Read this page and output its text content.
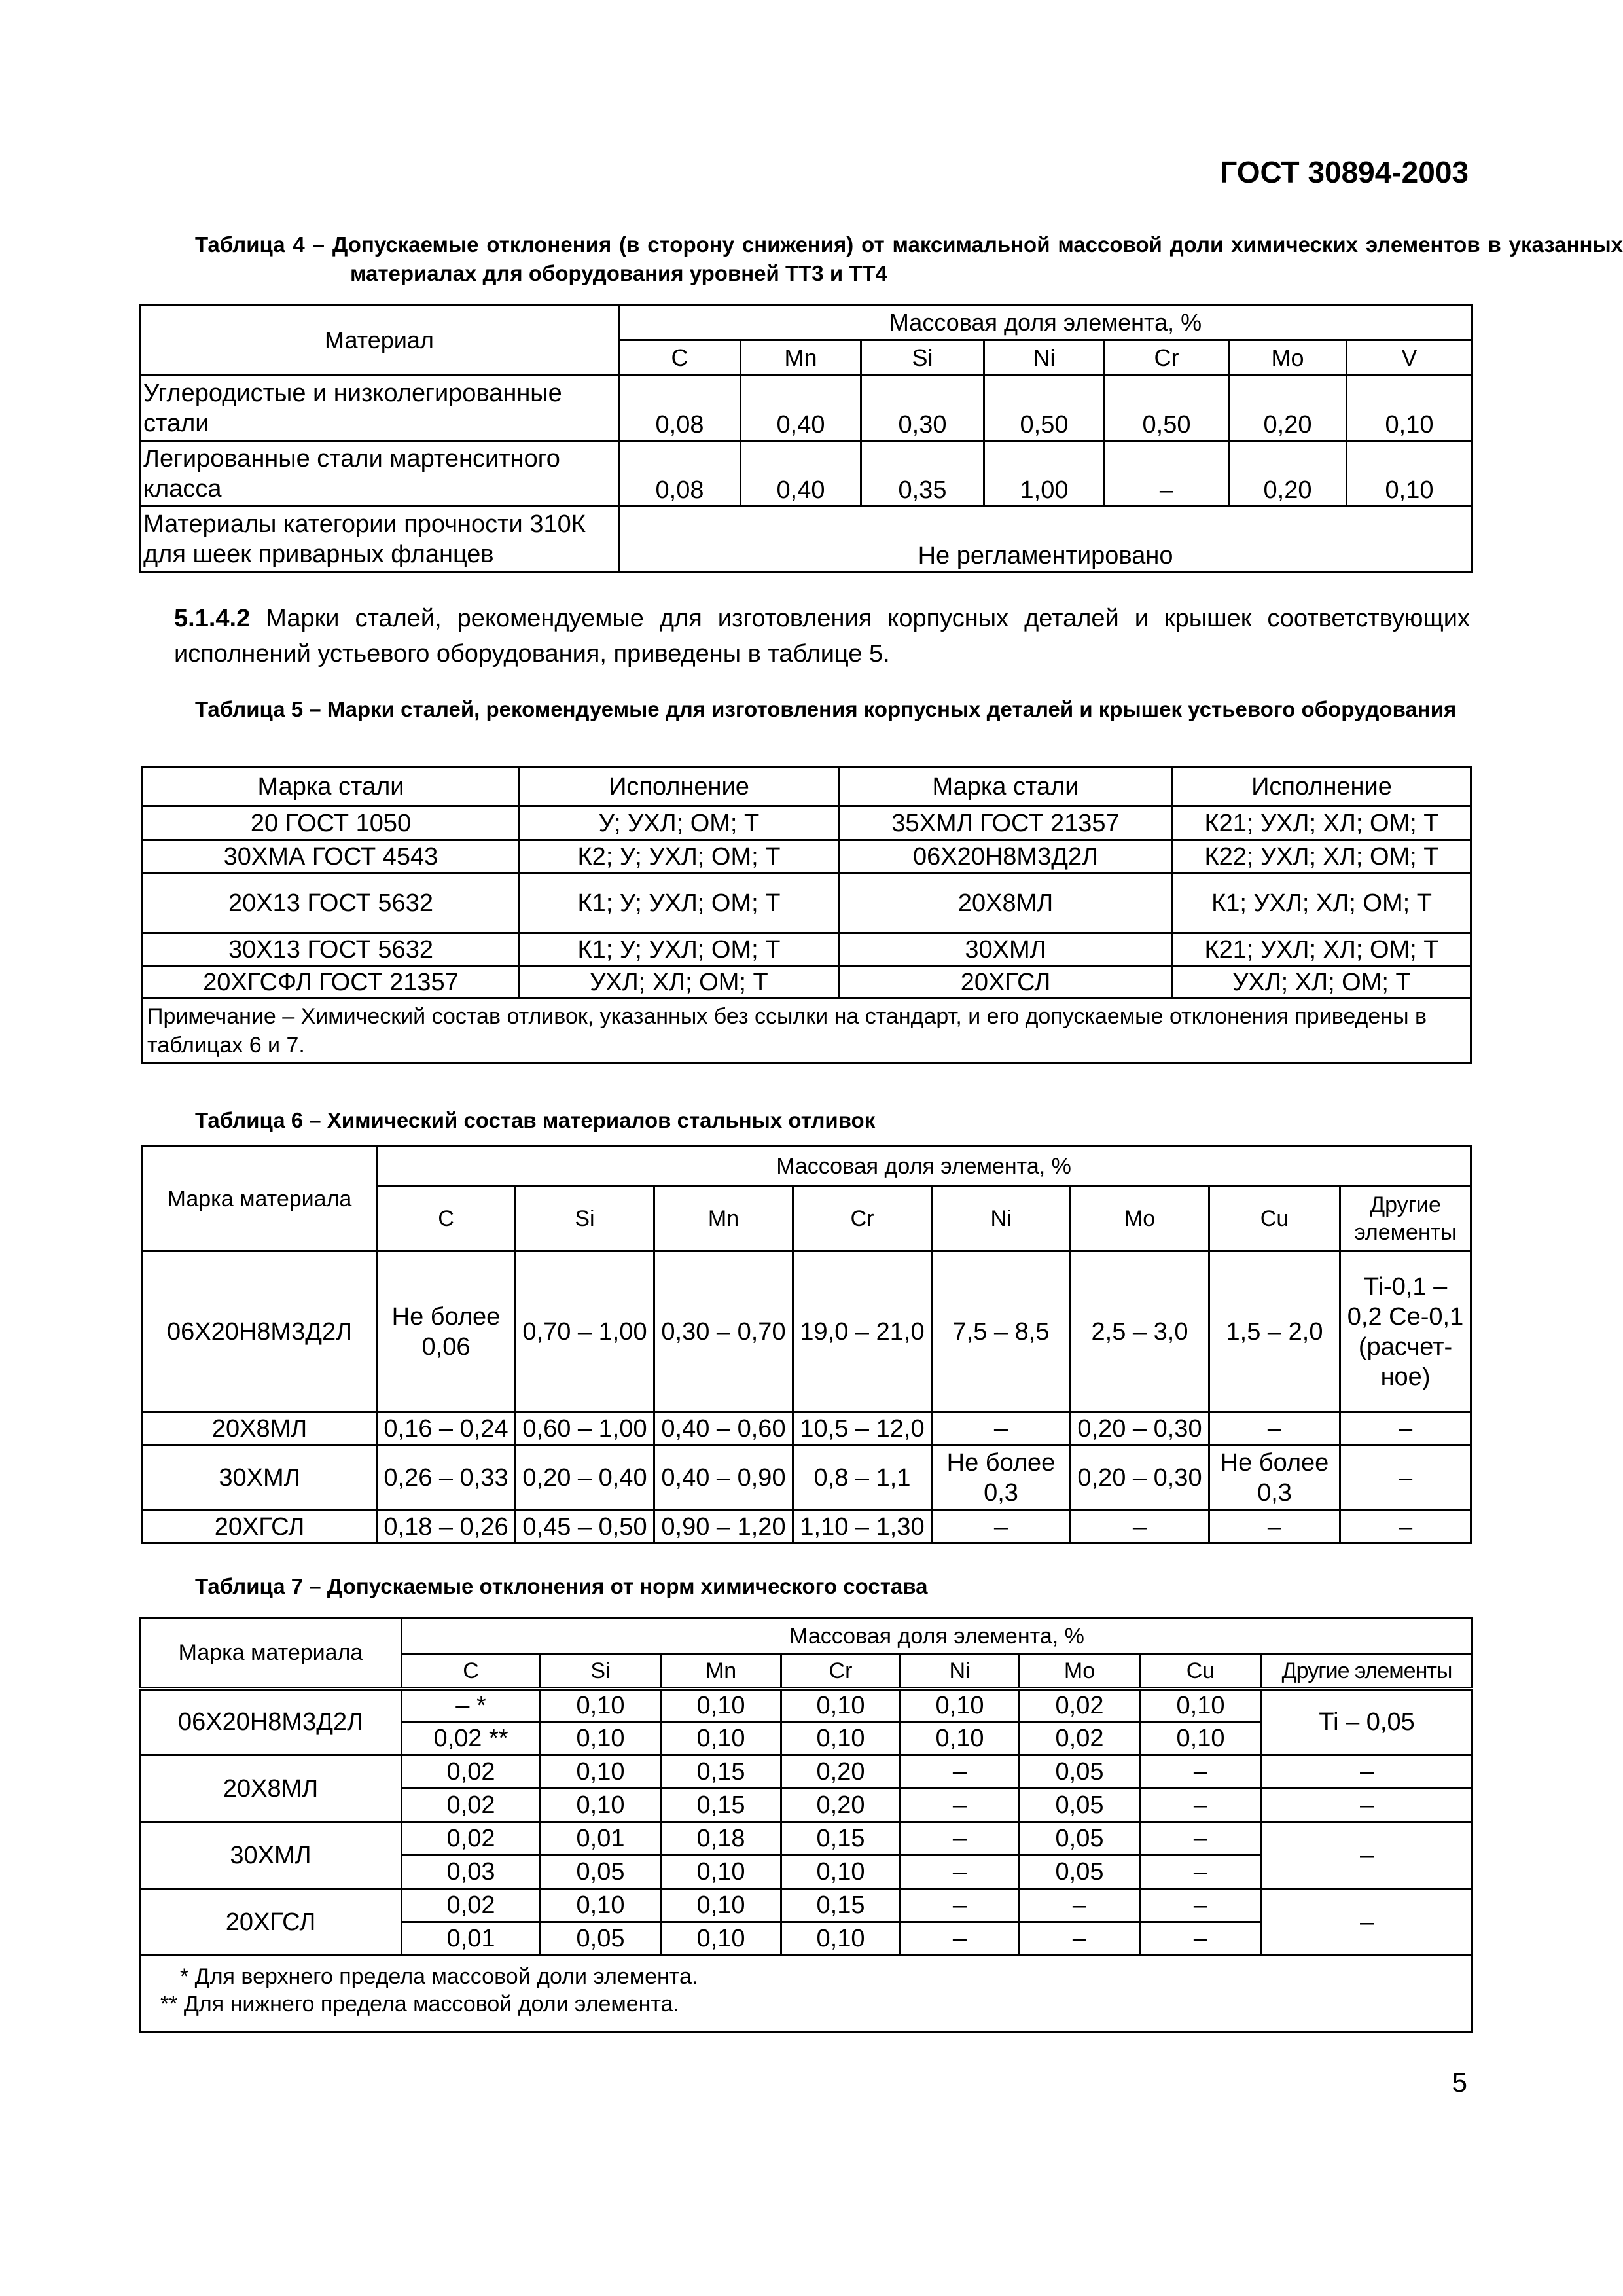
ГОСТ 30894-2003
Таблица 4 – Допускаемые отклонения (в сторону снижения) от максимальной массовой доли химических элементов в указанных материалах для оборудования уровней ТТ3 и ТТ4
Материал	Массовая доля элемента, %						
	C	Mn	Si	Ni	Cr	Mo	V
Углеродистые и низколегированные стали	0,08	0,40	0,30	0,50	0,50	0,20	0,10
Легированные стали мартенситного класса	0,08	0,40	0,35	1,00	–	0,20	0,10
Материалы категории прочности 310К для шеек приварных фланцев	Не регламентировано						
5.1.4.2 Марки сталей, рекомендуемые для изготовления корпусных деталей и крышек соответствующих исполнений устьевого оборудования, приведены в таблице 5.
Таблица 5 – Марки сталей, рекомендуемые для изготовления корпусных деталей и крышек устьевого оборудования
Марка стали	Исполнение	Марка стали	Исполнение
20 ГОСТ 1050	У; УХЛ; ОМ; Т	35ХМЛ ГОСТ 21357	К21; УХЛ; ХЛ; ОМ; Т
30ХМА ГОСТ 4543	К2; У; УХЛ; ОМ; Т	06Х20Н8М3Д2Л	К22; УХЛ; ХЛ; ОМ; Т
20Х13 ГОСТ 5632	К1; У; УХЛ; ОМ; Т	20Х8МЛ	К1; УХЛ; ХЛ; ОМ; Т
30Х13 ГОСТ 5632	К1; У; УХЛ; ОМ; Т	30ХМЛ	К21; УХЛ; ХЛ; ОМ; Т
20ХГСФЛ ГОСТ 21357	УХЛ; ХЛ; ОМ; Т	20ХГСЛ	УХЛ; ХЛ; ОМ; Т
Примечание – Химический состав отливок, указанных без ссылки на стандарт, и его допускаемые отклонения приведены в таблицах 6 и 7.			
Таблица 6 – Химический состав материалов стальных отливок
Марка материала	Массовая доля элемента, %							
	C	Si	Mn	Cr	Ni	Mo	Cu	Другие элементы
06Х20Н8М3Д2Л	Не более 0,06	0,70 – 1,00	0,30 – 0,70	19,0 – 21,0	7,5 – 8,5	2,5 – 3,0	1,5 – 2,0	Ti-0,1 – 0,2 Ce-0,1 (расчет-ное)
20Х8МЛ	0,16 – 0,24	0,60 – 1,00	0,40 – 0,60	10,5 – 12,0	–	0,20 – 0,30	–	–
30ХМЛ	0,26 – 0,33	0,20 – 0,40	0,40 – 0,90	0,8 – 1,1	Не более 0,3	0,20 – 0,30	Не более 0,3	–
20ХГСЛ	0,18 – 0,26	0,45 – 0,50	0,90 – 1,20	1,10 – 1,30	–	–	–	–
Таблица 7 – Допускаемые отклонения от норм химического состава
Марка материала	Массовая доля элемента, %							
	C	Si	Mn	Cr	Ni	Mo	Cu	Другие элементы
06Х20Н8М3Д2Л	– *	0,10	0,10	0,10	0,10	0,02	0,10	Ti – 0,05
	0,02 **	0,10	0,10	0,10	0,10	0,02	0,10	
20Х8МЛ	0,02	0,10	0,15	0,20	–	0,05	–	–
	0,02	0,10	0,15	0,20	–	0,05	–	–
30ХМЛ	0,02	0,01	0,18	0,15	–	0,05	–	–
	0,03	0,05	0,10	0,10	–	0,05	–	
20ХГСЛ	0,02	0,10	0,10	0,15	–	–	–	–
	0,01	0,05	0,10	0,10	–	–	–	

* Для верхнего предела массовой доли элемента.
** Для нижнего предела массовой доли элемента.								
5
